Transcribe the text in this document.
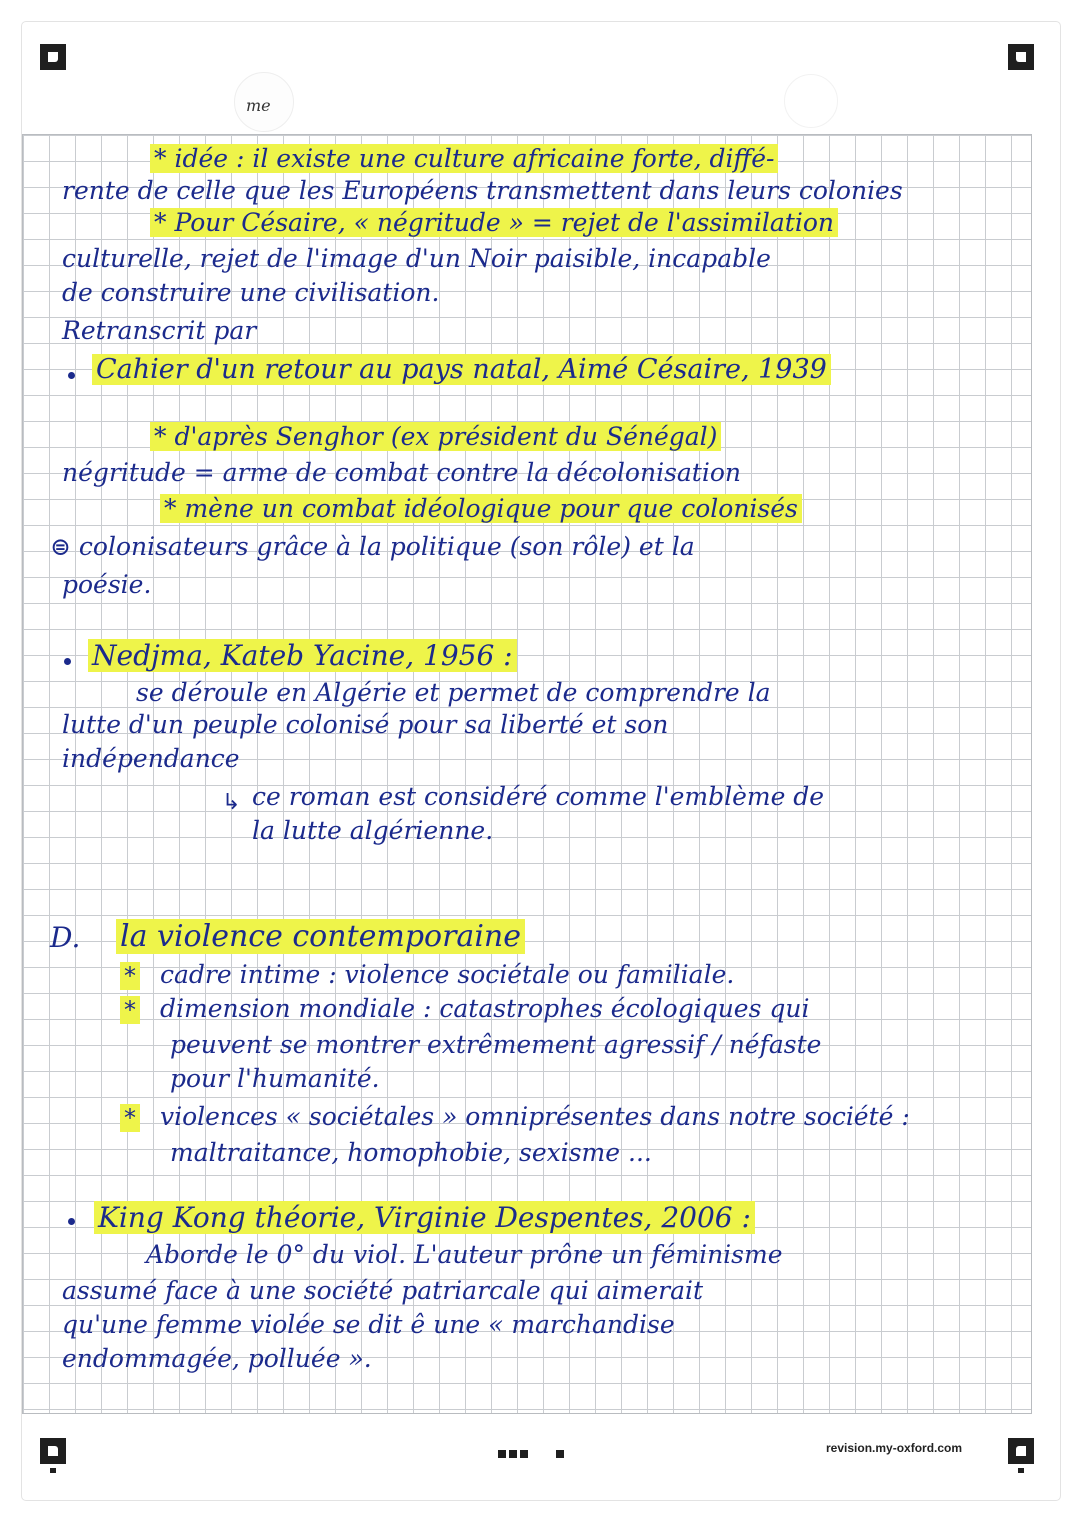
me
* idée : il existe une culture africaine forte, diffé-
rente de celle que les Européens transmettent dans leurs colonies
* Pour Césaire, « négritude » = rejet de l'assimilation
culturelle, rejet de l'image d'un Noir paisible, incapable
de construire une civilisation.
Retranscrit par
Cahier d'un retour au pays natal, Aimé Césaire, 1939
* d'après Senghor (ex président du Sénégal)
négritude = arme de combat contre la décolonisation
* mène un combat idéologique pour que colonisés
⊜ colonisateurs grâce à la politique (son rôle) et la
poésie.
Nedjma, Kateb Yacine, 1956 :
se déroule en Algérie et permet de comprendre la
lutte d'un peuple colonisé pour sa liberté et son
indépendance
↳ ce roman est considéré comme l'emblème de
la lutte algérienne.
D. la violence contemporaine
* cadre intime : violence sociétale ou familiale.
* dimension mondiale : catastrophes écologiques qui
peuvent se montrer extrêmement agressif / néfaste
pour l'humanité.
* violences « sociétales » omniprésentes dans notre société :
maltraitance, homophobie, sexisme ...
King Kong théorie, Virginie Despentes, 2006 :
Aborde le 0° du viol. L'auteur prône un féminisme
assumé face à une société patriarcale qui aimerait
qu'une femme violée se dit ê une « marchandise
endommagée, polluée ».
revision.my-oxford.com
